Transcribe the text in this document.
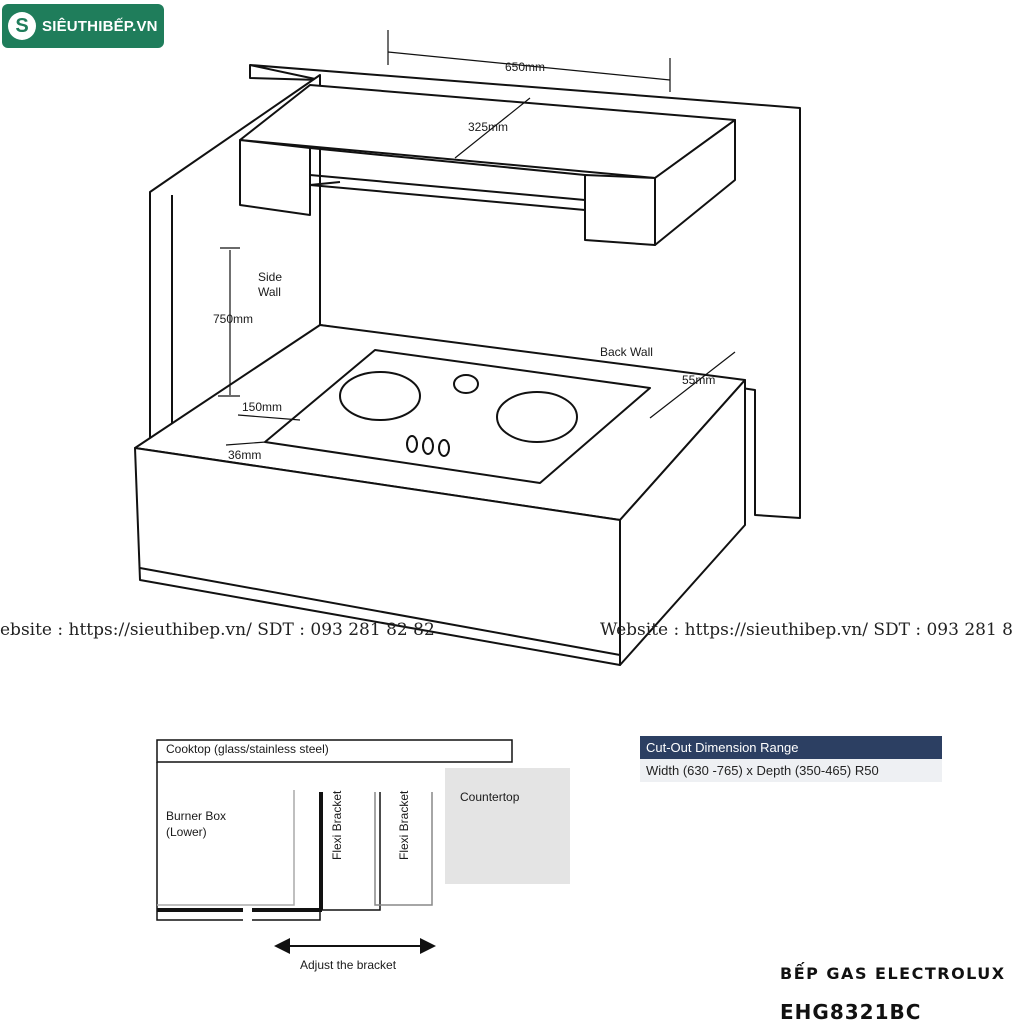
S SIÊUTHIBẾP.VN
650mm
325mm
Side
Wall
750mm
150mm
36mm
Back Wall
55mm
ebsite : https://sieuthibep.vn/ SDT : 093 281 82 82	Website : https://sieuthibep.vn/ SDT : 093 281 8
Cooktop (glass/stainless steel)
Burner Box
(Lower)	Flexi Bracket	Flexi Bracket	Countertop
Adjust the bracket
Cut-Out Dimension Range
Width (630 -765) x Depth (350-465) R50
BẾP GAS ELECTROLUX
EHG8321BC
